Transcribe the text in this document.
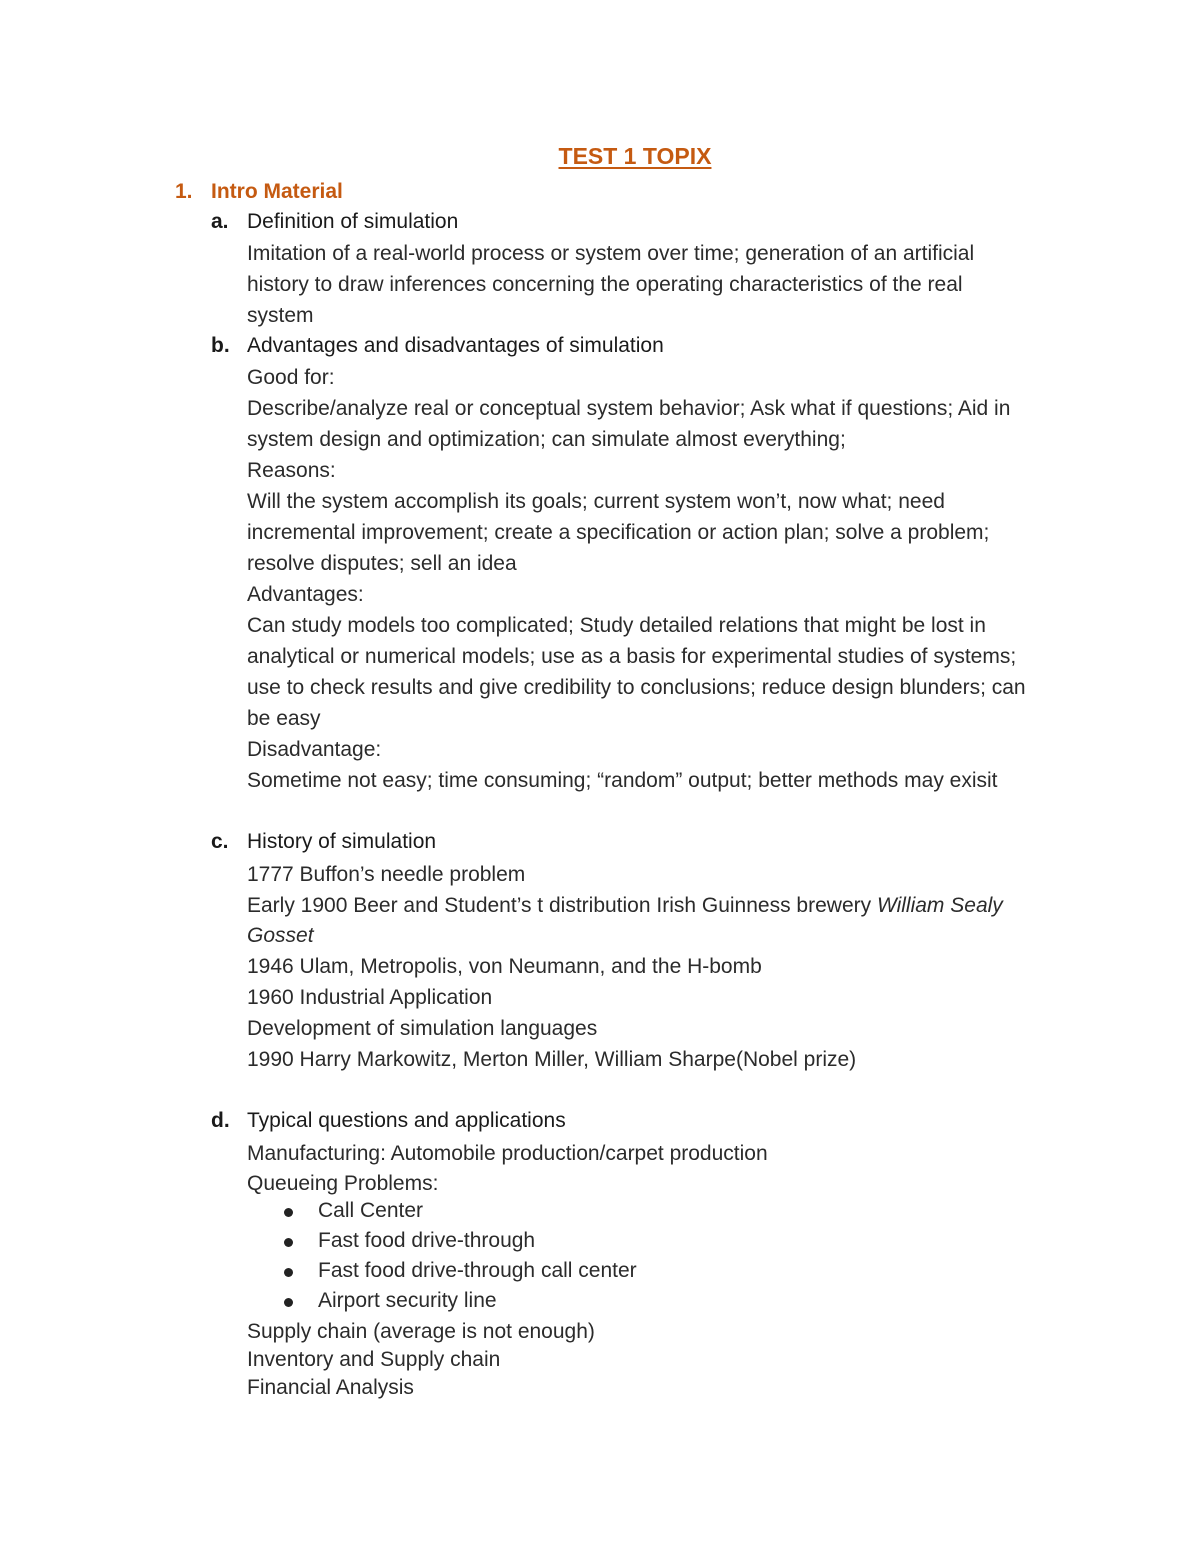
TEST 1 TOPIX
1. Intro Material
a. Definition of simulation
Imitation of a real-world process or system over time; generation of an artificial
history to draw inferences concerning the operating characteristics of the real
system
b. Advantages and disadvantages of simulation
Good for:
Describe/analyze real or conceptual system behavior; Ask what if questions; Aid in
system design and optimization; can simulate almost everything;
Reasons:
Will the system accomplish its goals; current system won’t, now what; need
incremental improvement; create a specification or action plan; solve a problem;
resolve disputes; sell an idea
Advantages:
Can study models too complicated; Study detailed relations that might be lost in
analytical or numerical models; use as a basis for experimental studies of systems;
use to check results and give credibility to conclusions; reduce design blunders; can
be easy
Disadvantage:
Sometime not easy; time consuming; “random” output; better methods may exisit
c. History of simulation
1777 Buffon’s needle problem
Early 1900 Beer and Student’s t distribution Irish Guinness brewery William Sealy
Gosset
1946 Ulam, Metropolis, von Neumann, and the H-bomb
1960 Industrial Application
Development of simulation languages
1990 Harry Markowitz, Merton Miller, William Sharpe(Nobel prize)
d. Typical questions and applications
Manufacturing: Automobile production/carpet production
Queueing Problems:
Call Center
Fast food drive-through
Fast food drive-through call center
Airport security line
Supply chain (average is not enough)
Inventory and Supply chain
Financial Analysis
